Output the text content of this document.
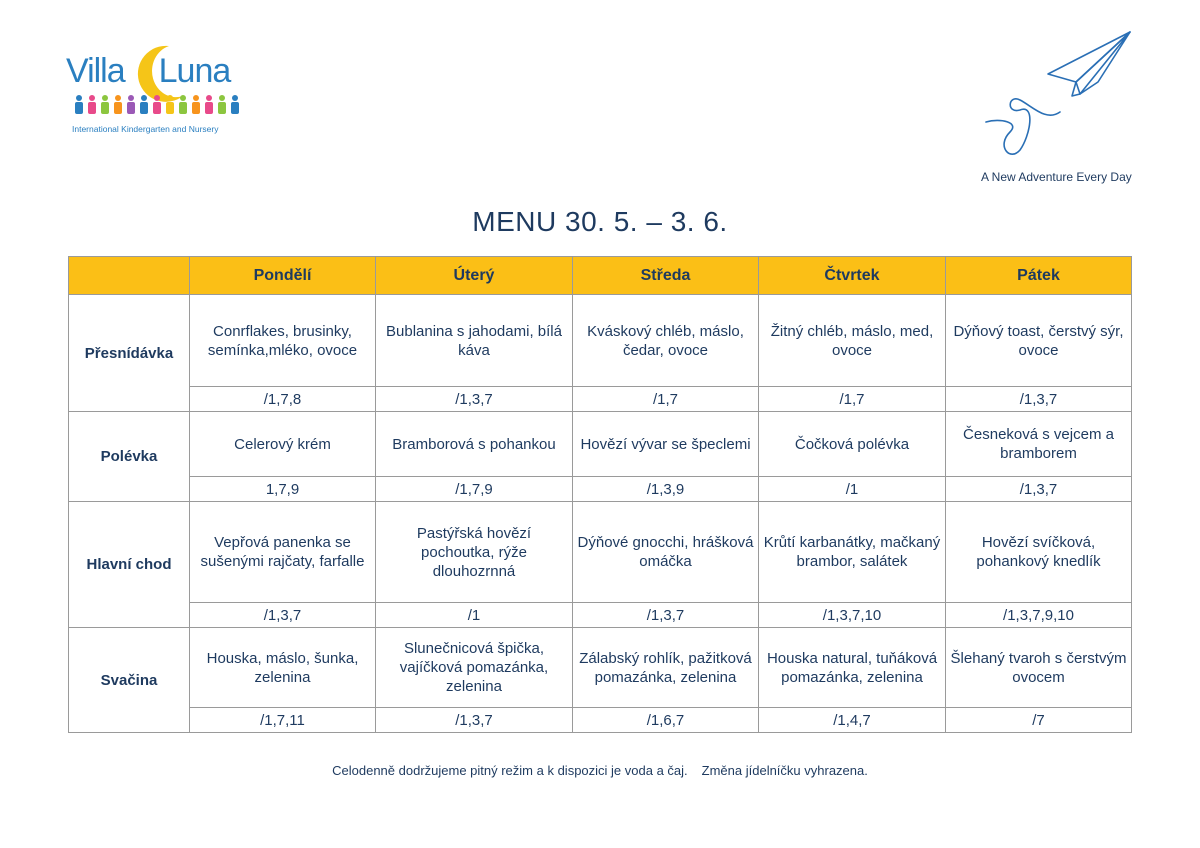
Villa Luna
International Kindergarten and Nursery
A New Adventure Every Day
MENU 30. 5. – 3. 6.
	Pondělí	Úterý	Středa	Čtvrtek	Pátek
Přesnídávka	Conrflakes, brusinky, semínka,mléko, ovoce	Bublanina s jahodami, bílá káva	Kváskový chléb, máslo, čedar, ovoce	Žitný chléb, máslo, med, ovoce	Dýňový toast, čerstvý sýr, ovoce
	/1,7,8	/1,3,7	/1,7	/1,7	/1,3,7
Polévka	Celerový krém	Bramborová s pohankou	Hovězí vývar se špeclemi	Čočková polévka	Česneková s vejcem a bramborem
	1,7,9	/1,7,9	/1,3,9	/1	/1,3,7
Hlavní chod	Vepřová panenka se sušenými rajčaty, farfalle	Pastýřská hovězí pochoutka, rýže dlouhozrnná	Dýňové gnocchi, hrášková omáčka	Krůtí karbanátky, mačkaný brambor, salátek	Hovězí svíčková, pohankový knedlík
	/1,3,7	/1	/1,3,7	/1,3,7,10	/1,3,7,9,10
Svačina	Houska, máslo, šunka, zelenina	Slunečnicová špička, vajíčková pomazánka, zelenina	Zálabský rohlík, pažitková pomazánka, zelenina	Houska natural, tuňáková pomazánka, zelenina	Šlehaný tvaroh s čerstvým ovocem
	/1,7,11	/1,3,7	/1,6,7	/1,4,7	/7
Celodenně dodržujeme pitný režim a k dispozici je voda a čaj. Změna jídelníčku vyhrazena.
